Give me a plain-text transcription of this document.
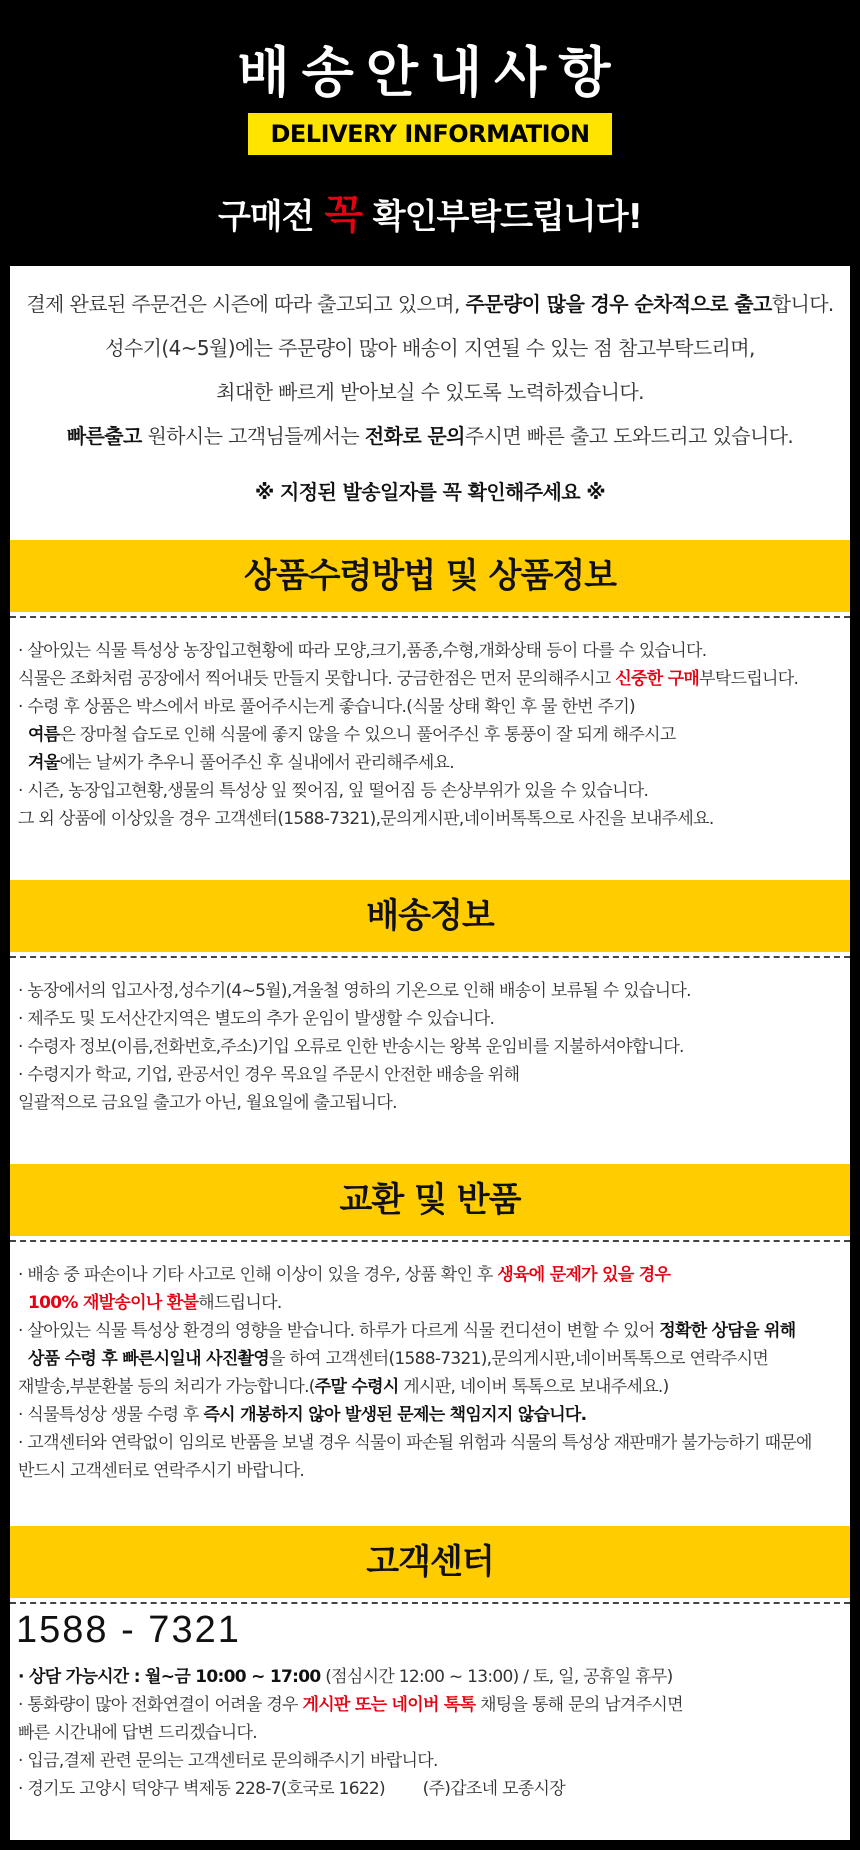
배송안내사항
DELIVERY INFORMATION
구매전 꼭 확인부탁드립니다!

결제 완료된 주문건은 시즌에 따라 출고되고 있으며, 주문량이 많을 경우 순차적으로 출고합니다.

성수기(4~5월)에는 주문량이 많아 배송이 지연될 수 있는 점 참고부탁드리며,

최대한 빠르게 받아보실 수 있도록 노력하겠습니다.

빠른출고 원하시는 고객님들께서는 전화로 문의주시면 빠른 출고 도와드리고 있습니다.

※ 지정된 발송일자를 꼭 확인해주세요 ※

상품수령방법 및 상품정보
· 살아있는 식물 특성상 농장입고현황에 따라 모양,크기,품종,수형,개화상태 등이 다를 수 있습니다.
식물은 조화처럼 공장에서 찍어내듯 만들지 못합니다. 궁금한점은 먼저 문의해주시고 신중한 구매부탁드립니다.
· 수령 후 상품은 박스에서 바로 풀어주시는게 좋습니다.(식물 상태 확인 후 물 한번 주기)
여름은 장마철 습도로 인해 식물에 좋지 않을 수 있으니 풀어주신 후 통풍이 잘 되게 해주시고
겨울에는 날씨가 추우니 풀어주신 후 실내에서 관리해주세요.
· 시즌, 농장입고현황,생물의 특성상 잎 찢어짐, 잎 떨어짐 등 손상부위가 있을 수 있습니다.
그 외 상품에 이상있을 경우 고객센터(1588-7321),문의게시판,네이버톡톡으로 사진을 보내주세요.
배송정보
· 농장에서의 입고사정,성수기(4~5월),겨울철 영하의 기온으로 인해 배송이 보류될 수 있습니다.
· 제주도 및 도서산간지역은 별도의 추가 운임이 발생할 수 있습니다.
· 수령자 정보(이름,전화번호,주소)기입 오류로 인한 반송시는 왕복 운임비를 지불하셔야합니다.
· 수령지가 학교, 기업, 관공서인 경우 목요일 주문시 안전한 배송을 위해
일괄적으로 금요일 출고가 아닌, 월요일에 출고됩니다.
교환 및 반품
· 배송 중 파손이나 기타 사고로 인해 이상이 있을 경우, 상품 확인 후 생육에 문제가 있을 경우
100% 재발송이나 환불해드립니다.
· 살아있는 식물 특성상 환경의 영향을 받습니다. 하루가 다르게 식물 컨디션이 변할 수 있어 정확한 상담을 위해
상품 수령 후 빠른시일내 사진촬영을 하여 고객센터(1588-7321),문의게시판,네이버톡톡으로 연락주시면
재발송,부분환불 등의 처리가 가능합니다.(주말 수령시 게시판, 네이버 톡톡으로 보내주세요.)
· 식물특성상 생물 수령 후 즉시 개봉하지 않아 발생된 문제는 책임지지 않습니다.
· 고객센터와 연락없이 임의로 반품을 보낼 경우 식물이 파손될 위험과 식물의 특성상 재판매가 불가능하기 때문에
반드시 고객센터로 연락주시기 바랍니다.
고객센터
1588 - 7321
· 상담 가능시간 : 월~금 10:00 ~ 17:00 (점심시간 12:00 ~ 13:00) / 토, 일, 공휴일 휴무)
· 통화량이 많아 전화연결이 어려울 경우 게시판 또는 네이버 톡톡 채팅을 통해 문의 남겨주시면
빠른 시간내에 답변 드리겠습니다.
· 입금,결제 관련 문의는 고객센터로 문의해주시기 바랍니다.
· 경기도 고양시 덕양구 벽제동 228-7(호국로 1622)        (주)갑조네 모종시장
